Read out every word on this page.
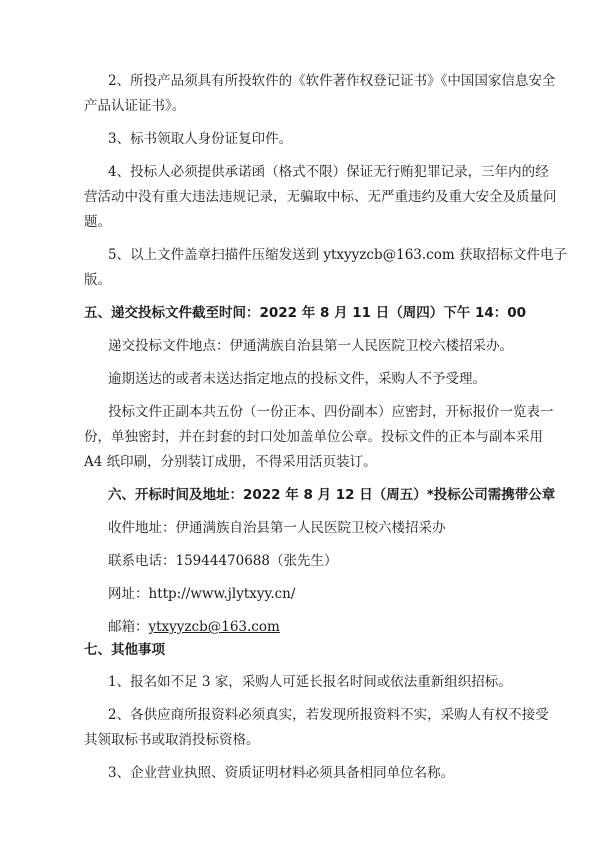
2、所投产品须具有所投软件的《软件著作权登记证书》《中国国家信息安全
产品认证证书》。
3、标书领取人身份证复印件。
4、投标人必须提供承诺函（格式不限）保证无行贿犯罪记录，三年内的经
营活动中没有重大违法违规记录，无骗取中标、无严重违约及重大安全及质量问
题。
5、以上文件盖章扫描件压缩发送到 ytxyyzcb@163.com 获取招标文件电子
版。
五、递交投标文件截至时间：2022 年 8 月 11 日（周四）下午 14：00
递交投标文件地点：伊通满族自治县第一人民医院卫校六楼招采办。
逾期送达的或者未送达指定地点的投标文件，采购人不予受理。
投标文件正副本共五份（一份正本、四份副本）应密封，开标报价一览表一
份，单独密封，并在封套的封口处加盖单位公章。投标文件的正本与副本采用
A4 纸印刷，分别装订成册，不得采用活页装订。
六、开标时间及地址：2022 年 8 月 12 日（周五）*投标公司需携带公章
收件地址：伊通满族自治县第一人民医院卫校六楼招采办
联系电话：15944470688（张先生）
网址：http://www.jlytxyy.cn/
邮箱：ytxyyzcb@163.com
七、其他事项
1、报名如不足 3 家，采购人可延长报名时间或依法重新组织招标。
2、各供应商所报资料必须真实，若发现所报资料不实，采购人有权不接受
其领取标书或取消投标资格。
3、企业营业执照、资质证明材料必须具备相同单位名称。
